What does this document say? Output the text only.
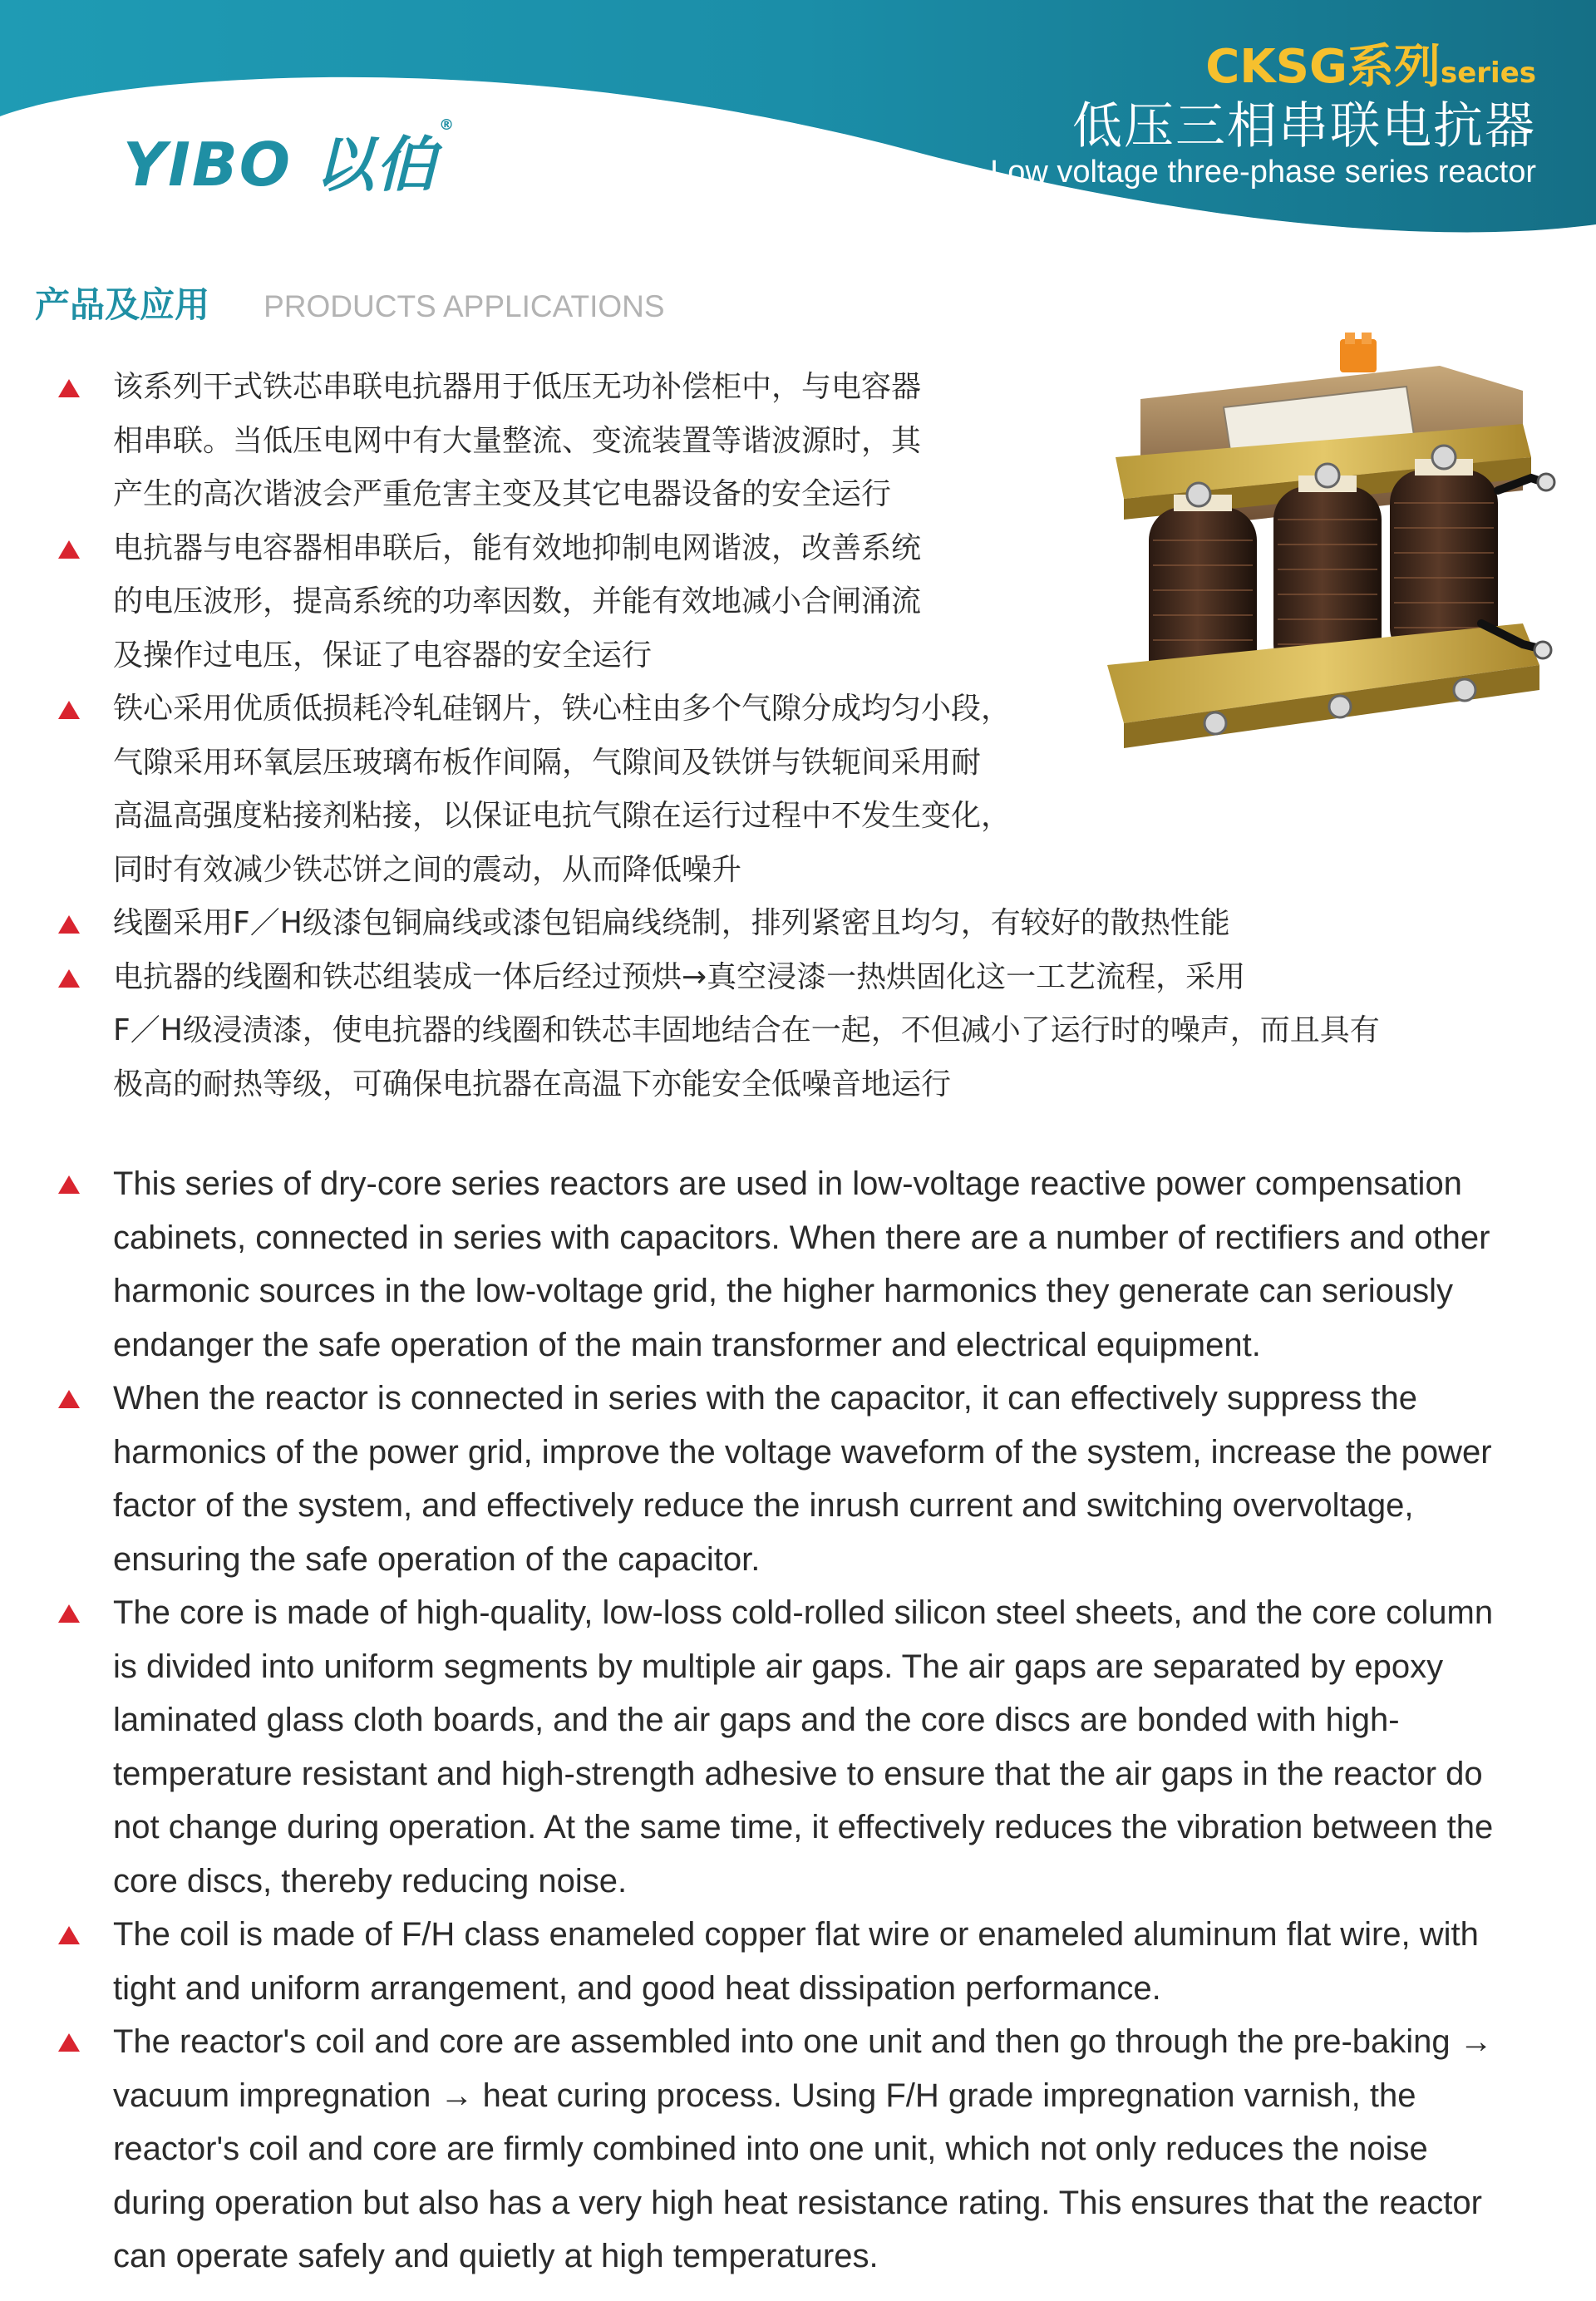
YIBO 以伯®
CKSG系列series
低压三相串联电抗器
Low voltage three-phase series reactor
产品及应用 PRODUCTS APPLICATIONS
该系列干式铁芯串联电抗器用于低压无功补偿柜中，与电容器
相串联。当低压电网中有大量整流、变流装置等谐波源时，其
产生的高次谐波会严重危害主变及其它电器设备的安全运行
电抗器与电容器相串联后，能有效地抑制电网谐波，改善系统
的电压波形，提高系统的功率因数，并能有效地减小合闸涌流
及操作过电压，保证了电容器的安全运行
铁心采用优质低损耗冷轧硅钢片，铁心柱由多个气隙分成均匀小段，
气隙采用环氧层压玻璃布板作间隔，气隙间及铁饼与铁轭间采用耐
高温高强度粘接剂粘接，以保证电抗气隙在运行过程中不发生变化，
同时有效减少铁芯饼之间的震动，从而降低噪升
线圈采用F／H级漆包铜扁线或漆包铝扁线绕制，排列紧密且均匀，有较好的散热性能
电抗器的线圈和铁芯组装成一体后经过预烘→真空浸漆一热烘固化这一工艺流程，采用
F／H级浸渍漆，使电抗器的线圈和铁芯丰固地结合在一起，不但减小了运行时的噪声，而且具有
极高的耐热等级，可确保电抗器在高温下亦能安全低噪音地运行
This series of dry-core series reactors are used in low-voltage reactive power compensation
cabinets, connected in series with capacitors. When there are a number of rectifiers and other
harmonic sources in the low-voltage grid, the higher harmonics they generate can seriously
endanger the safe operation of the main transformer and electrical equipment.
When the reactor is connected in series with the capacitor, it can effectively suppress the
harmonics of the power grid, improve the voltage waveform of the system, increase the power
factor of the system, and effectively reduce the inrush current and switching overvoltage,
ensuring the safe operation of the capacitor.
The core is made of high-quality, low-loss cold-rolled silicon steel sheets, and the core column
is divided into uniform segments by multiple air gaps. The air gaps are separated by epoxy
laminated glass cloth boards, and the air gaps and the core discs are bonded with high-
temperature resistant and high-strength adhesive to ensure that the air gaps in the reactor do
not change during operation. At the same time, it effectively reduces the vibration between the
core discs, thereby reducing noise.
The coil is made of F/H class enameled copper flat wire or enameled aluminum flat wire, with
tight and uniform arrangement, and good heat dissipation performance.
The reactor's coil and core are assembled into one unit and then go through the pre-baking →
vacuum impregnation → heat curing process. Using F/H grade impregnation varnish, the
reactor's coil and core are firmly combined into one unit, which not only reduces the noise
during operation but also has a very high heat resistance rating. This ensures that the reactor
can operate safely and quietly at high temperatures.
